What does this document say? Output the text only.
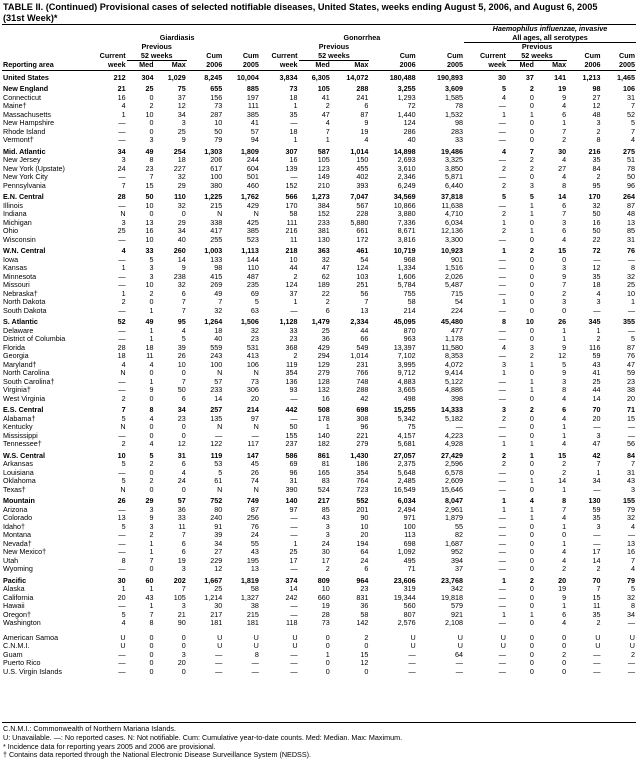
TABLE II. (Continued) Provisional cases of selected notifiable diseases, United States, weeks ending August 5, 2006, and August 6, 2005
(31st Week)*
											Haemophilus influenzae, invasive				
	Giardiasis					Gonorrhea					All ages, all serotypes				
		Previous					Previous					Previous			
	Current	52 weeks		Cum	Cum	Current	52 weeks		Cum	Cum	Current	52 weeks		Cum	Cum
Reporting area	week	Med	Max	2006	2005	week	Med	Max	2006	2005	week	Med	Max	2006	2005
United States	212	304	1,029	8,245	10,004	3,834	6,305	14,072	180,488	190,893	30	37	141	1,213	1,465
New England	21	25	75	655	885	73	105	288	3,255	3,609	5	2	19	98	106
Connecticut	16	0	37	156	197	18	41	241	1,293	1,585	4	0	9	27	31
Maine†	4	2	12	73	111	1	2	6	72	78	—	0	4	12	7
Massachusetts	1	10	34	287	385	35	47	87	1,440	1,532	1	1	6	48	52
New Hampshire	—	0	3	10	41	—	4	9	124	98	—	0	1	3	5
Rhode Island	—	0	25	50	57	18	7	19	286	283	—	0	7	2	7
Vermont†	—	3	9	79	94	1	1	4	40	33	—	0	2	8	4
Mid. Atlantic	34	49	254	1,303	1,809	307	587	1,014	14,898	19,486	4	7	30	216	275
New Jersey	3	8	18	206	244	16	105	150	2,693	3,325	—	2	4	35	51
New York (Upstate)	24	23	227	617	604	139	123	455	3,610	3,850	2	2	27	84	78
New York City	—	7	32	100	501	—	149	402	2,346	5,871	—	0	4	2	50
Pennsylvania	7	15	29	380	460	152	210	393	6,249	6,440	2	3	8	95	96
E.N. Central	28	50	110	1,225	1,762	566	1,273	7,047	34,569	37,818	5	5	14	170	264
Illinois	—	10	32	215	429	170	384	567	10,866	11,638	—	1	6	32	87
Indiana	N	0	0	N	N	58	152	228	3,880	4,710	2	1	7	50	48
Michigan	3	13	29	338	425	111	233	5,880	7,336	6,034	1	0	3	16	13
Ohio	25	16	34	417	385	216	381	661	8,671	12,136	2	1	6	50	85
Wisconsin	—	10	40	255	523	11	130	172	3,816	3,300	—	0	4	22	31
W.N. Central	4	33	260	1,003	1,113	218	363	461	10,719	10,923	1	2	15	72	76
Iowa	—	5	14	133	144	10	32	54	968	901	—	0	0	—	—
Kansas	1	3	9	98	110	44	47	124	1,334	1,516	—	0	3	12	8
Minnesota	—	3	238	415	487	2	62	103	1,606	2,026	—	0	9	35	32
Missouri	—	10	32	269	235	124	189	251	5,784	5,487	—	0	7	18	25
Nebraska†	1	2	6	49	69	37	22	56	755	715	—	0	2	4	10
North Dakota	2	0	7	7	5	1	2	7	58	54	1	0	3	3	1
South Dakota	—	1	7	32	63	—	6	13	214	224	—	0	0	—	—
S. Atlantic	52	49	95	1,264	1,506	1,128	1,479	2,334	45,095	45,480	8	10	26	345	355
Delaware	—	1	4	18	32	33	25	44	870	477	—	0	1	1	—
District of Columbia	—	1	5	40	23	23	36	66	963	1,178	—	0	1	2	5
Florida	28	18	39	559	531	368	429	549	13,397	11,580	4	3	9	116	87
Georgia	18	11	26	243	413	2	294	1,014	7,102	8,353	—	2	12	59	76
Maryland†	4	4	10	100	106	119	129	231	3,995	4,072	3	1	5	43	47
North Carolina	N	0	0	N	N	354	279	766	9,712	9,414	1	0	9	41	59
South Carolina†	—	1	7	57	73	136	128	748	4,883	5,122	—	1	3	25	23
Virginia†	—	9	50	233	306	93	132	288	3,665	4,886	—	1	8	44	38
West Virginia	2	0	6	14	20	—	16	42	498	398	—	0	4	14	20
E.S. Central	7	8	34	257	214	442	508	698	15,255	14,333	3	2	6	70	71
Alabama†	5	4	23	135	97	—	178	308	5,342	5,182	2	0	4	20	15
Kentucky	N	0	0	N	N	50	1	96	75	—	—	0	1	—	—
Mississippi	—	0	0	—	—	155	140	221	4,157	4,223	—	0	1	3	—
Tennessee†	2	4	12	122	117	237	182	279	5,681	4,928	1	1	4	47	56
W.S. Central	10	5	31	119	147	586	861	1,430	27,057	27,429	2	1	15	42	84
Arkansas	5	2	6	53	45	69	81	186	2,375	2,596	2	0	2	7	7
Louisiana	—	0	4	5	26	96	165	354	5,648	6,578	—	0	2	1	31
Oklahoma	5	2	24	61	74	31	83	764	2,485	2,609	—	1	14	34	43
Texas†	N	0	0	N	N	390	524	723	16,549	15,646	—	0	1	—	3
Mountain	26	29	57	752	749	140	217	552	6,034	8,047	1	4	8	130	155
Arizona	—	3	36	80	87	97	85	201	2,494	2,961	1	1	7	59	79
Colorado	13	9	33	240	256	—	43	90	971	1,879	—	1	4	35	32
Idaho†	5	3	11	91	76	—	3	10	100	55	—	0	1	3	4
Montana	—	2	7	39	24	—	3	20	113	82	—	0	0	—	—
Nevada†	—	1	6	34	55	1	24	194	698	1,687	—	0	1	—	13
New Mexico†	—	1	6	27	43	25	30	64	1,092	952	—	0	4	17	16
Utah	8	7	19	229	195	17	17	24	495	394	—	0	4	14	7
Wyoming	—	0	3	12	13	—	2	6	71	37	—	0	2	2	4
Pacific	30	60	202	1,667	1,819	374	809	964	23,606	23,768	1	2	20	70	79
Alaska	1	1	7	25	58	14	10	23	319	342	—	0	19	7	5
California	20	43	105	1,214	1,327	242	660	831	19,344	19,818	—	0	9	15	32
Hawaii	—	1	3	30	38	—	19	36	560	579	—	0	1	11	8
Oregon†	5	7	21	217	215	—	28	58	807	921	1	1	6	35	34
Washington	4	8	90	181	181	118	73	142	2,576	2,108	—	0	4	2	—
American Samoa	U	0	0	U	U	U	0	2	U	U	U	0	0	U	U
C.N.M.I.	U	0	0	U	U	U	0	0	U	U	U	0	0	U	U
Guam	—	0	3	—	8	—	1	15	—	64	—	0	2	—	2
Puerto Rico	—	0	20	—	—	—	0	12	—	—	—	0	0	—	—
U.S. Virgin Islands	—	0	0	—	—	—	0	0	—	—	—	0	0	—	—
C.N.M.I.: Commonwealth of Northern Mariana Islands.
U: Unavailable. —: No reported cases. N: Not notifiable. Cum: Cumulative year-to-date counts. Med: Median. Max: Maximum.
* Incidence data for reporting years 2005 and 2006 are provisional.
† Contains data reported through the National Electronic Disease Surveillance System (NEDSS).
